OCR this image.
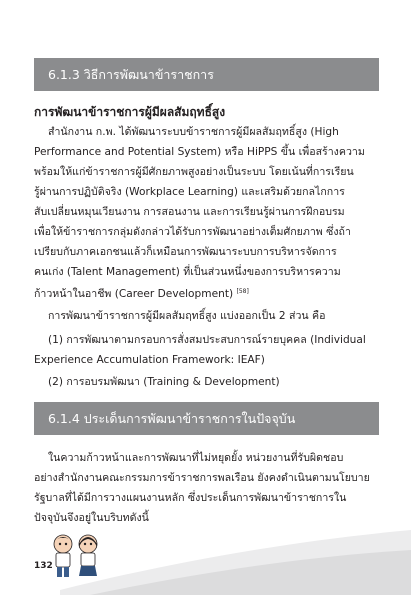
6.1.3 วิธีการพัฒนาข้าราชการ
การพัฒนาข้าราชการผู้มีผลสัมฤทธิ์สูง
สำนักงาน ก.พ. ได้พัฒนาระบบข้าราชการผู้มีผลสัมฤทธิ์สูง (High
Performance and Potential System) หรือ HiPPS ขึ้น เพื่อสร้างความ
พร้อมให้แก่ข้าราชการผู้มีศักยภาพสูงอย่างเป็นระบบ โดยเน้นที่การเรียน
รู้ผ่านการปฏิบัติจริง (Workplace Learning) และเสริมด้วยกลไกการ
สับเปลี่ยนหมุนเวียนงาน การสอนงาน และการเรียนรู้ผ่านการฝึกอบรม
เพื่อให้ข้าราชการกลุ่มดังกล่าวได้รับการพัฒนาอย่างเต็มศักยภาพ ซึ่งถ้า
เปรียบกับภาคเอกชนแล้วก็เหมือนการพัฒนาระบบการบริหารจัดการ
คนเก่ง (Talent Management) ที่เป็นส่วนหนึ่งของการบริหารความ
ก้าวหน้าในอาชีพ (Career Development) [58]
การพัฒนาข้าราชการผู้มีผลสัมฤทธิ์สูง แบ่งออกเป็น 2 ส่วน คือ
(1) การพัฒนาตามกรอบการสั่งสมประสบการณ์รายบุคคล (Individual
Experience Accumulation Framework: IEAF)
(2) การอบรมพัฒนา (Training & Development)
6.1.4 ประเด็นการพัฒนาข้าราชการในปัจจุบัน
ในความก้าวหน้าและการพัฒนาที่ไม่หยุดยั้ง หน่วยงานที่รับผิดชอบ
อย่างสำนักงานคณะกรรมการข้าราชการพลเรือน ยังคงดำเนินตามนโยบาย
รัฐบาลที่ได้มีการวางแผนงานหลัก ซึ่งประเด็นการพัฒนาข้าราชการใน
ปัจจุบันจึงอยู่ในบริบทดังนี้
132
